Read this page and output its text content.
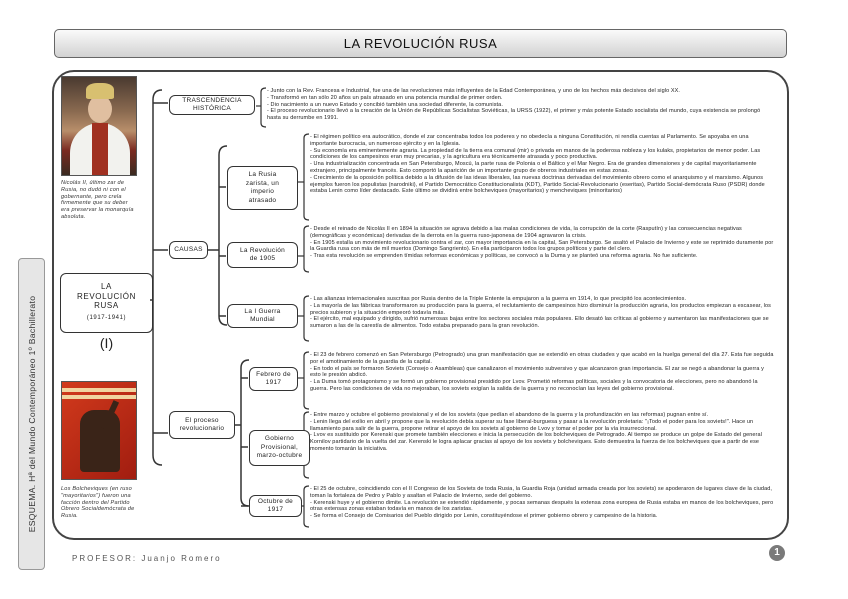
LA REVOLUCIÓN RUSA
ESQUEMA. Hª del Mundo Contemporáneo 1º Bachillerato
Nicolás II, último zar de Rusia, no dudó ni con el gobernante, pero crela firmemente que su deber era preservar la monarquía absoluta.
LA
REVOLUCIÓN
RUSA
(1917-1941)
(I)
Los Bolcheviques (en ruso "mayoritarios") fueron una facción dentro del Partido Obrero Socialdemócrata de Rusia.
TRASCENDENCIA HISTÓRICA
CAUSAS
La Rusia zarista, un imperio atrasado
La Revolución de 1905
La I Guerra Mundial
El proceso revolucionario
Febrero de 1917
Gobierno Provisional, marzo-octubre
Octubre de 1917

- Junto con la Rev. Francesa e Industrial, fue una de las revoluciones más influyentes de la Edad Contemporánea, y uno de los hechos más decisivos del siglo XX.

- Transformó en tan sólo 20 años un país atrasado en una potencia mundial de primer orden.

- Dio nacimiento a un nuevo Estado y concibió también una sociedad diferente, la comunista.

- El proceso revolucionario llevó a la creación de la Unión de Repúblicas Socialistas Soviéticas, la URSS (1922), el primer y más potente Estado socialista del mundo, cuya existencia se prolongó hasta su derrumbe en 1991.

- El régimen político era autocrático, donde el zar concentraba todos los poderes y no obedecía a ninguna Constitución, ni rendía cuentas al Parlamento. Se apoyaba en una importante burocracia, un numeroso ejército y en la Iglesia.

- Su economía era eminentemente agraria. La propiedad de la tierra era comunal (mir) o privada en manos de la poderosa nobleza y los kulaks, propietarios de menor poder. Las condiciones de los campesinos eran muy precarias, y la agricultura era técnicamente atrasada y poco productiva.

- Una industrialización concentrada en San Petersburgo, Moscú, la parte rusa de Polonia o el Báltico y el Mar Negro. Era de grandes dimensiones y de capital mayoritariamente extranjero, principalmente francés. Esto comportó la aparición de un importante grupo de obreros industriales en estas zonas.

- Crecimiento de la oposición política debido a la difusión de las ideas liberales, las nuevas doctrinas derivadas del movimiento obrero como el anarquismo y el marxismo. Algunos ejemplos fueron los populistas (narodniki), el Partido Democrático Constitucionalista (KDT), Partido Social-Revolucionario (eseritas), Partido Social-demócrata Ruso (PSDR) donde estaba Lenin como líder destacado. Este último se dividirá entre bolcheviques (mayoritarios) y mencheviques (minoritarios)

- Desde el reinado de Nicolás II en 1894 la situación se agrava debido a las malas condiciones de vida, la corrupción de la corte (Rasputín) y las consecuencias negativas (demográficas y económicas) derivadas de la derrota en la guerra ruso-japonesa de 1904 agravaron la crisis.

- En 1905 estalla un movimiento revolucionario contra el zar, con mayor importancia en la capital, San Petersburgo. Se asaltó el Palacio de Invierno y este se reprimido duramente por la Guardia rusa con más de mil muertos (Domingo Sangriento). En ella participaron todos los grupos políticos y parte del clero.

- Tras esta revolución se emprenden tímidas reformas económicas y políticas, se convocó a la Duma y se planteó una reforma agraria. No fue suficiente.

- Las alianzas internacionales suscritas por Rusia dentro de la Triple Entente la empujaron a la guerra en 1914, lo que precipitó los acontecimientos.

- La mayoría de las fábricas transformaron su producción para la guerra, el reclutamiento de campesinos hizo disminuir la producción agraria, los productos empiezan a escasear, los precios subieron y la situación empeoró todavía más.

- El ejército, mal equipado y dirigido, sufrió numerosas bajas entre los sectores sociales más populares. Ello desató las críticas al gobierno y aumentaron las manifestaciones que se sumaron a las de la carestía de alimentos. Todo estaba preparado para la gran revolución.

- El 23 de febrero comenzó en San Petersburgo (Petrogrado) una gran manifestación que se extendió en otras ciudades y que acabó en la huelga general del día 27. Esta fue seguida por el amotinamiento de la guardia de la capital.

- En todo el país se formaron Soviets (Consejo o Asambleas) que canalizaron el movimiento subversivo y que alcanzaron gran importancia. El zar se negó a abandonar la guerra y esto le presión abdicó.

- La Duma tomó protagonismo y se formó un gobierno provisional presidido por Lvov. Prometió reformas políticas, sociales y la convocatoria de elecciones, pero no abandonó la guerra. Pero las condiciones de vida no mejoraban, los soviets exigían la salida de la guerra y no reconocían las leyes del gobierno provisional.

- Entre marzo y octubre el gobierno provisional y el de los soviets (que pedían el abandono de la guerra y la profundización en las reformas) pugnan entre sí.

- Lenin llega del exilio en abril y propone que la revolución debía superar su fase liberal-burguesa y pasar a la revolución proletaria: "¡Todo el poder para los soviets!". Hace un llamamiento para salir de la guerra, propone retirar el apoyo de los soviets al gobierno de Lvov y tomar el poder por la vía insurreccional.

- Lvov es sustituido por Kerenski que promete también elecciones e inicia la persecución de los bolcheviques de Petrogrado. Al tiempo se produce un golpe de Estado del general Kornilov partidario de la vuelta del zar. Kerenski le logra aplacar gracias al apoyo de los soviets y bolcheviques. Esto demuestra la fuerza de los bolcheviques que a partir de ese momento tomarán la iniciativa.

- El 25 de octubre, coincidiendo con el II Congreso de los Soviets de toda Rusia, la Guardia Roja (unidad armada creada por los soviets) se apoderaron de lugares clave de la ciudad, toman la fortaleza de Pedro y Pablo y asaltan el Palacio de Invierno, sede del gobierno.

- Kerenski huye y el gobierno dimite. La revolución se extendió rápidamente, y pocas semanas después la extensa zona europea de Rusia estaba en manos de los bolcheviques, pero otras extensas zonas estaban todavía en manos de los zaristas.

- Se forma el Consejo de Comisarios del Pueblo dirigido por Lenin, constituyéndose el primer gobierno obrero y campesino de la historia.

PROFESOR: Juanjo Romero
1
